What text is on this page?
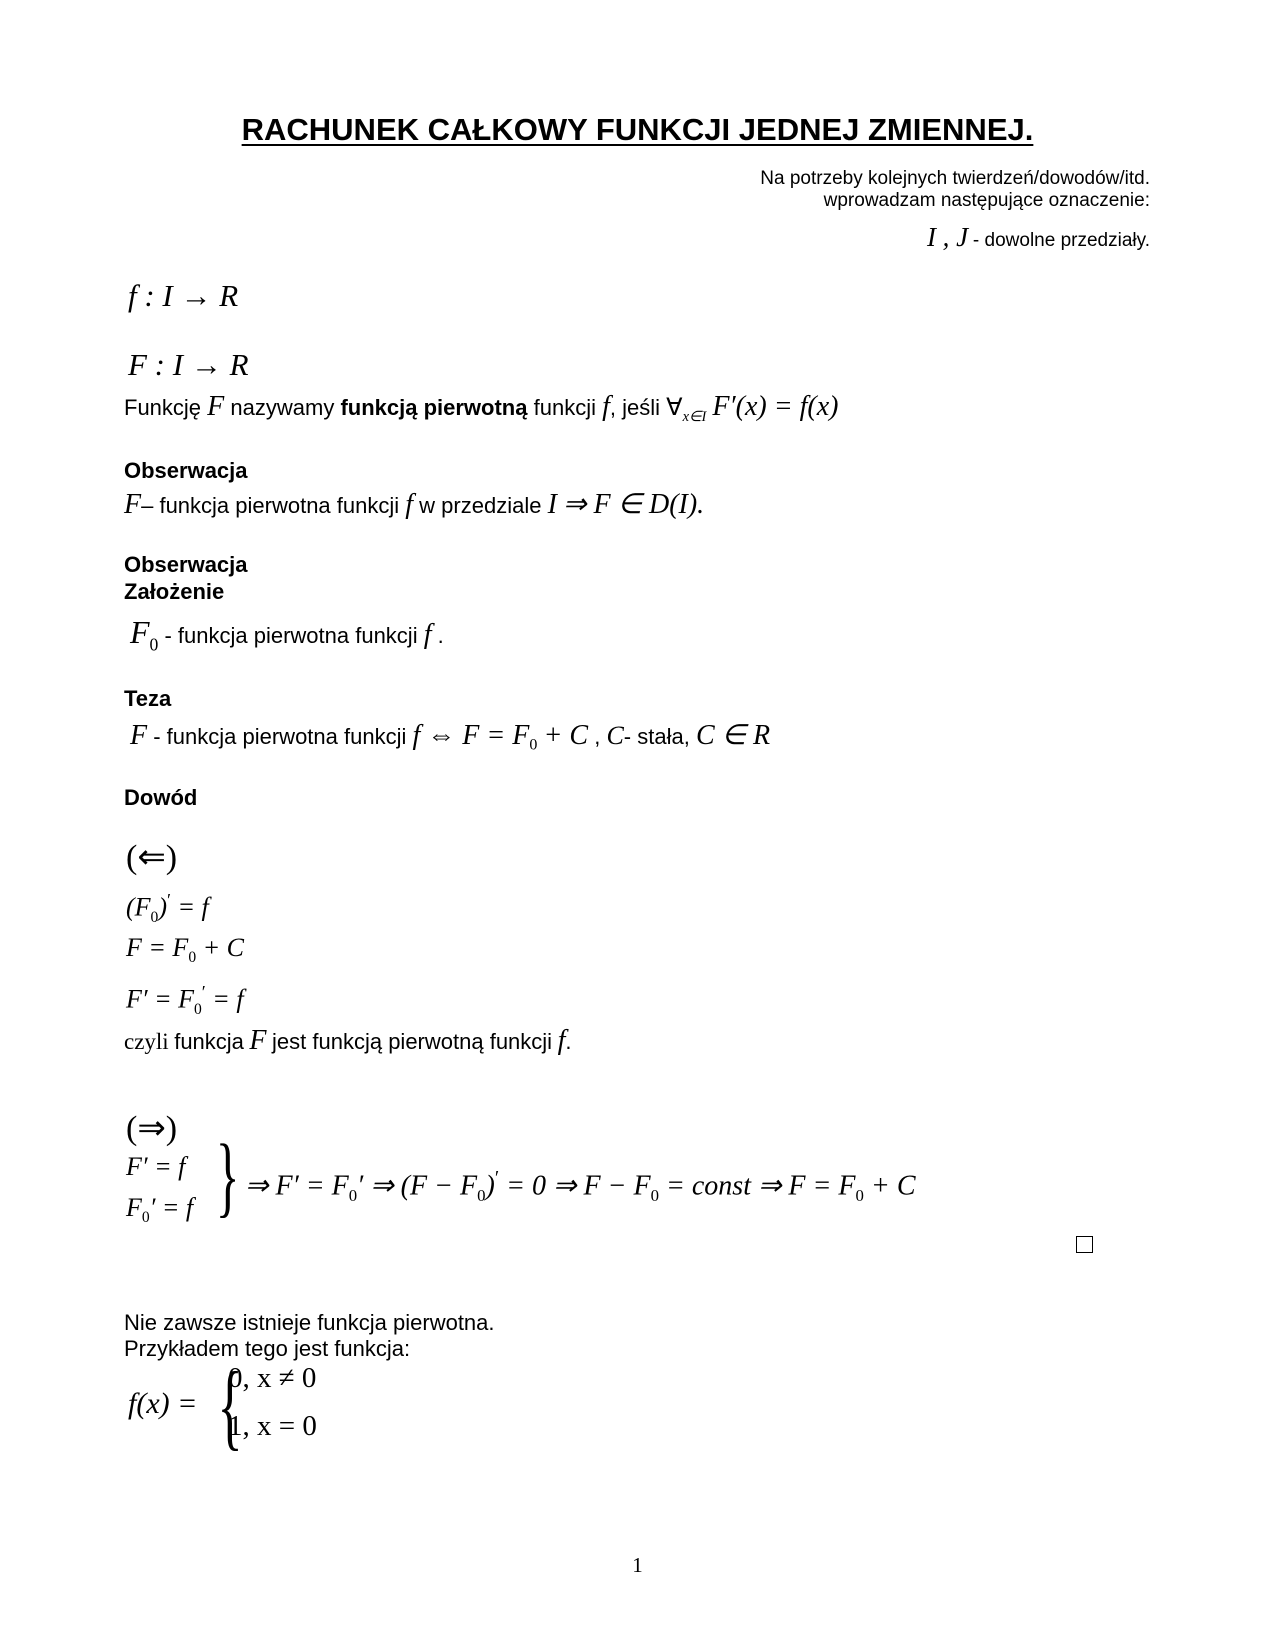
RACHUNEK CAŁKOWY FUNKCJI JEDNEJ ZMIENNEJ.
Na potrzeby kolejnych twierdzeń/dowodów/itd.
wprowadzam następujące oznaczenie:
I , J - dowolne przedziały.
f : I → R
F : I → R
Funkcję F nazywamy funkcją pierwotną funkcji f, jeśli $\forall_{x\in I}$ F′(x) = f(x)
Obserwacja
F– funkcja pierwotna funkcji f w przedziale I ⇒ F ∈ D(I).
Obserwacja
Założenie
$F_0$ - funkcja pierwotna funkcji f .
Teza
F - funkcja pierwotna funkcji f ⇔ $F = F_0 + C$ , C- stała, C ∈ R
Dowód
(⇐)
$(F_0)' = f$
$F = F_0 + C$
$F' = F_0' = f$
czyli funkcja F jest funkcją pierwotną funkcji f.
(⇒)
F′ = f
$F_0' = f$ } ⇒ $F' = F_0'$ ⇒ $(F - F_0)' = 0$ ⇒ $F - F_0$ = const ⇒ $F = F_0 + C$
Nie zawsze istnieje funkcja pierwotna.
Przykładem tego jest funkcja:
f(x) = {
0, x ≠ 0
1, x = 0
1
